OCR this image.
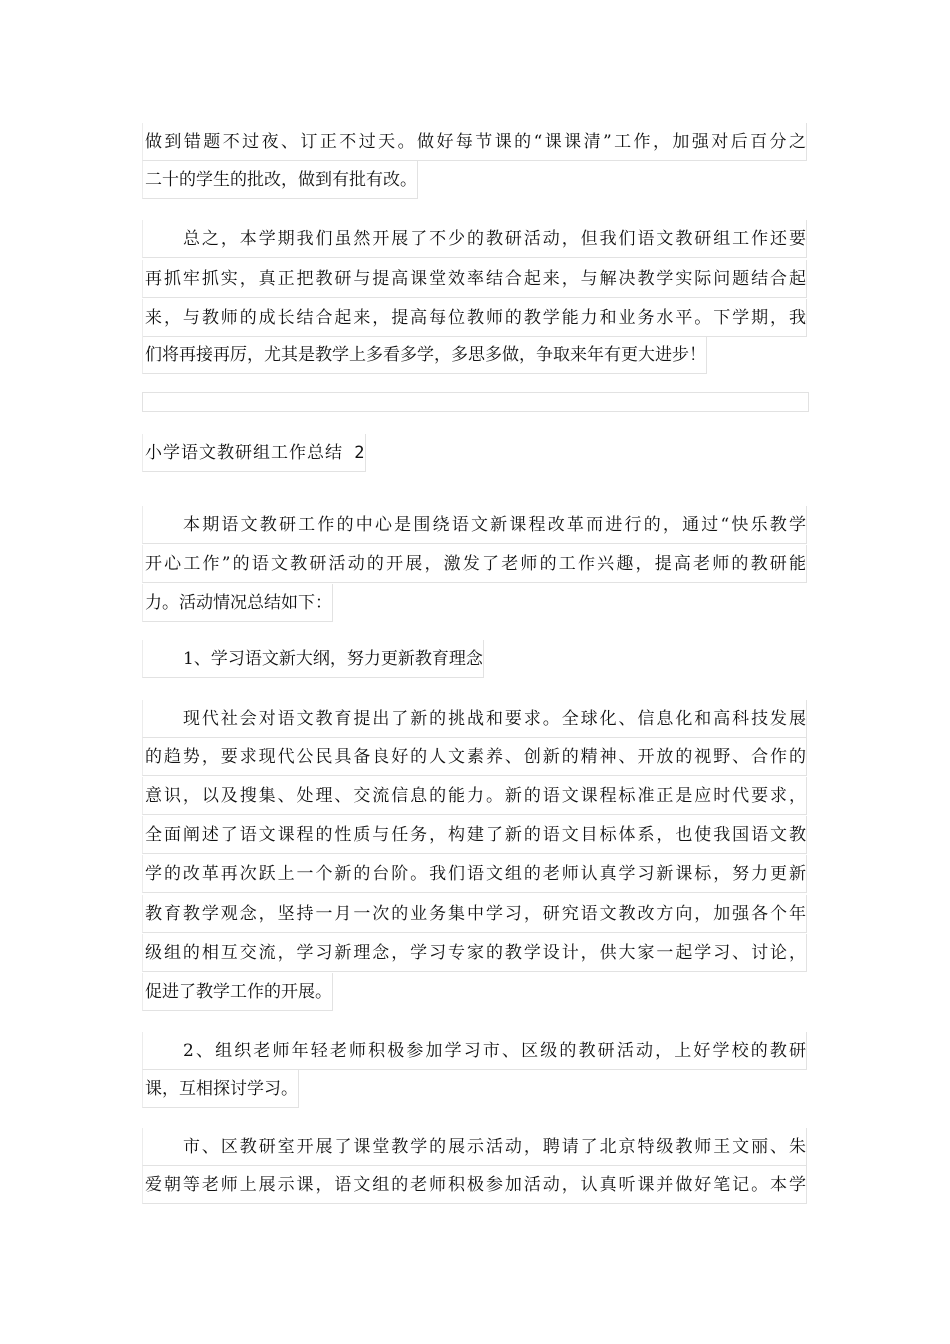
做到错题不过夜、订正不过天。做好每节课的“课课清”工作，加强对后百分之
二十的学生的批改，做到有批有改。
总之，本学期我们虽然开展了不少的教研活动，但我们语文教研组工作还要
再抓牢抓实，真正把教研与提高课堂效率结合起来，与解决教学实际问题结合起
来，与教师的成长结合起来，提高每位教师的教学能力和业务水平。下学期，我
们将再接再厉，尤其是教学上多看多学，多思多做，争取来年有更大进步！
小学语文教研组工作总结 2
本期语文教研工作的中心是围绕语文新课程改革而进行的，通过“快乐教学
开心工作”的语文教研活动的开展，激发了老师的工作兴趣，提高老师的教研能
力。活动情况总结如下：
1、学习语文新大纲，努力更新教育理念
现代社会对语文教育提出了新的挑战和要求。全球化、信息化和高科技发展
的趋势，要求现代公民具备良好的人文素养、创新的精神、开放的视野、合作的
意识，以及搜集、处理、交流信息的能力。新的语文课程标准正是应时代要求，
全面阐述了语文课程的性质与任务，构建了新的语文目标体系，也使我国语文教
学的改革再次跃上一个新的台阶。我们语文组的老师认真学习新课标，努力更新
教育教学观念，坚持一月一次的业务集中学习，研究语文教改方向，加强各个年
级组的相互交流，学习新理念，学习专家的教学设计，供大家一起学习、讨论，
促进了教学工作的开展。
2、组织老师年轻老师积极参加学习市、区级的教研活动，上好学校的教研
课，互相探讨学习。
市、区教研室开展了课堂教学的展示活动，聘请了北京特级教师王文丽、朱
爱朝等老师上展示课，语文组的老师积极参加活动，认真听课并做好笔记。本学
